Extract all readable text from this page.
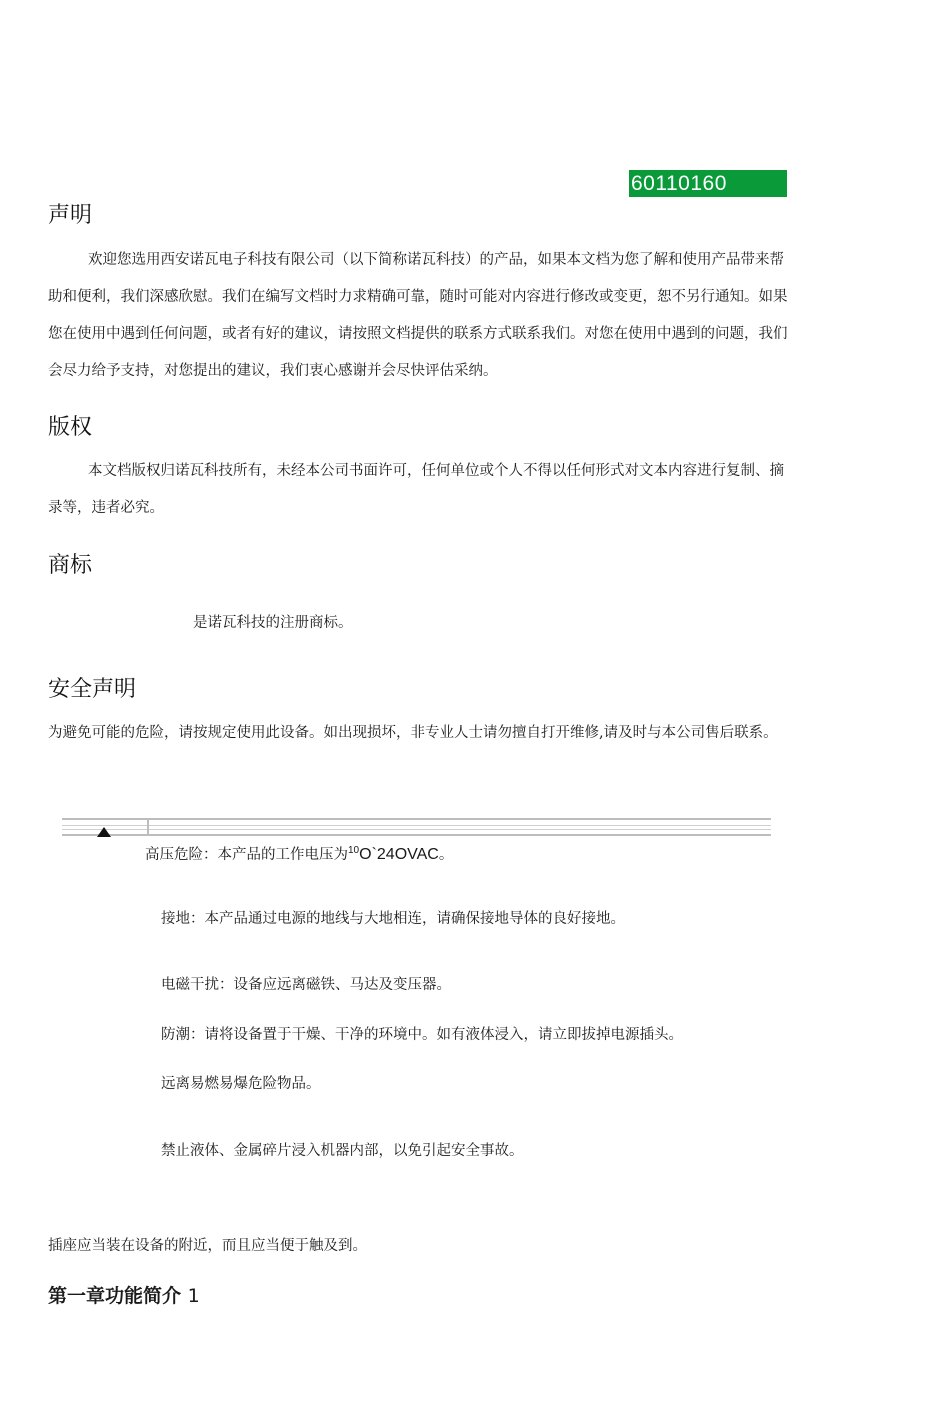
60110160
声明

欢迎您选用西安诺瓦电子科技有限公司（以下简称诺瓦科技）的产品，如果本文档为您了解和使用产品带来帮助和便利，我们深感欣慰。我们在编写文档时力求精确可靠，随时可能对内容进行修改或变更，恕不另行通知。如果您在使用中遇到任何问题，或者有好的建议，请按照文档提供的联系方式联系我们。对您在使用中遇到的问题，我们会尽力给予支持，对您提出的建议，我们衷心感谢并会尽快评估采纳。

版权

本文档版权归诺瓦科技所有，未经本公司书面许可，任何单位或个人不得以任何形式对文本内容进行复制、摘录等，违者必究。

商标
是诺瓦科技的注册商标。
安全声明

为避免可能的危险，请按规定使用此设备。如出现损坏，非专业人士请勿擅自打开维修,请及时与本公司售后联系。

高压危险：本产品的工作电压为$^{10}$O`24OVAC。
接地：本产品通过电源的地线与大地相连，请确保接地导体的良好接地。
电磁干扰：设备应远离磁铁、马达及变压器。
防潮：请将设备置于干燥、干净的环境中。如有液体浸入，请立即拔掉电源插头。
远离易燃易爆危险物品。
禁止液体、金属碎片浸入机器内部，以免引起安全事故。
插座应当装在设备的附近，而且应当便于触及到。
第一章功能简介 1
